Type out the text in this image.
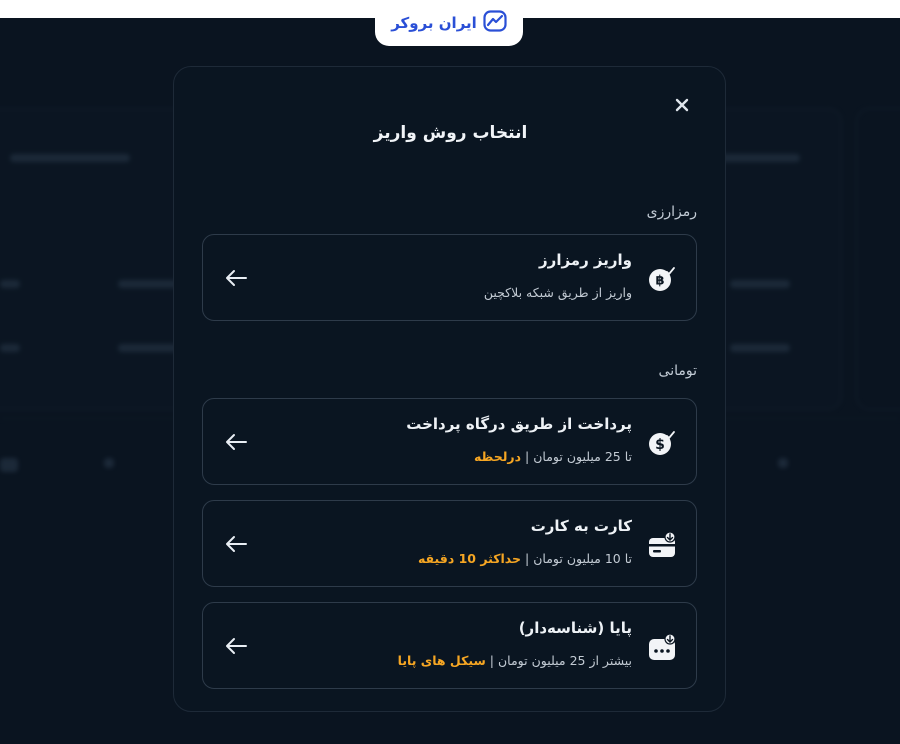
ایران بروکر
انتخاب روش واریز
رمزارزی
฿
واریز رمزارز
واریز از طریق شبکه بلاکچین
تومانی
$
پرداخت از طریق درگاه پرداخت
تا 25 میلیون تومان|درلحظه
کارت به کارت
تا 10 میلیون تومان|حداکثر 10 دقیقه
پایا (شناسه‌دار)
بیشتر از 25 میلیون تومان|سیکل های پایا
